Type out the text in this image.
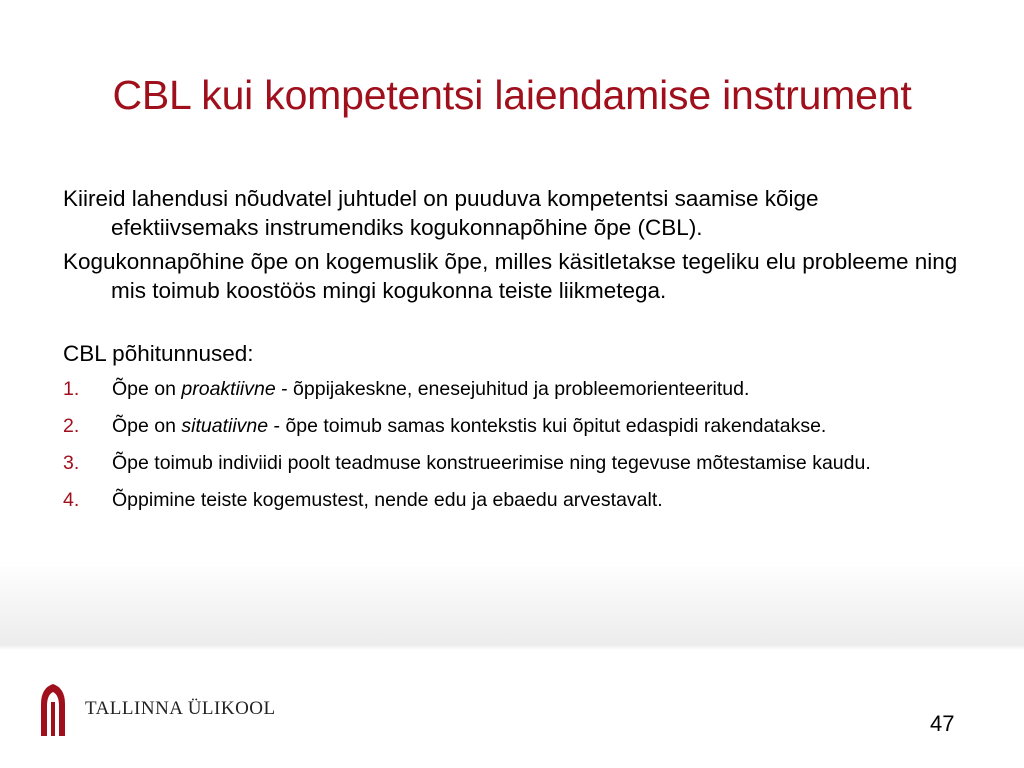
CBL kui kompetentsi laiendamise instrument

Kiireid lahendusi nõudvatel juhtudel on puuduva kompetentsi saamise kõige efektiivsemaks instrumendiks kogukonnapõhine õpe (CBL).

Kogukonnapõhine õpe on kogemuslik õpe, milles käsitletakse tegeliku elu probleeme ning mis toimub koostöös mingi kogukonna teiste liikmetega.

CBL põhitunnused:
1. Õpe on proaktiivne - õppijakeskne, enesejuhitud ja probleemorienteeritud.
2. Õpe on situatiivne - õpe toimub samas kontekstis kui õpitut edaspidi rakendatakse.
3. Õpe toimub indiviidi poolt teadmuse konstrueerimise ning tegevuse mõtestamise kaudu.
4. Õppimine teiste kogemustest, nende edu ja ebaedu arvestavalt.
TALLINNA ÜLIKOOL
47
